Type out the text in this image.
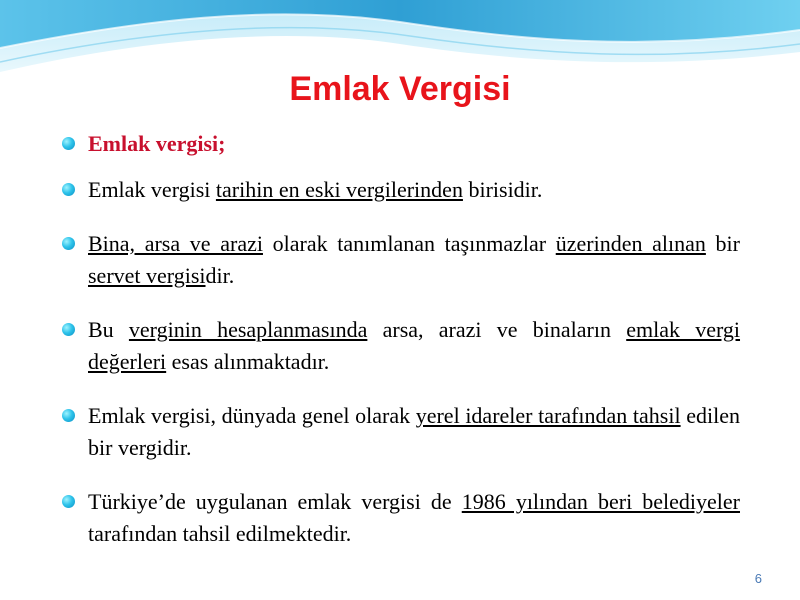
Emlak Vergisi
Emlak vergisi;
Emlak vergisi tarihin en eski vergilerinden birisidir.
Bina, arsa ve arazi olarak tanımlanan taşınmazlar üzerinden alınan bir servet vergisidir.
Bu verginin hesaplanmasında arsa, arazi ve binaların emlak vergi değerleri esas alınmaktadır.
Emlak vergisi, dünyada genel olarak yerel idareler tarafından tahsil edilen bir vergidir.
Türkiye’de uygulanan emlak vergisi de 1986 yılından beri belediyeler tarafından tahsil edilmektedir.
6
